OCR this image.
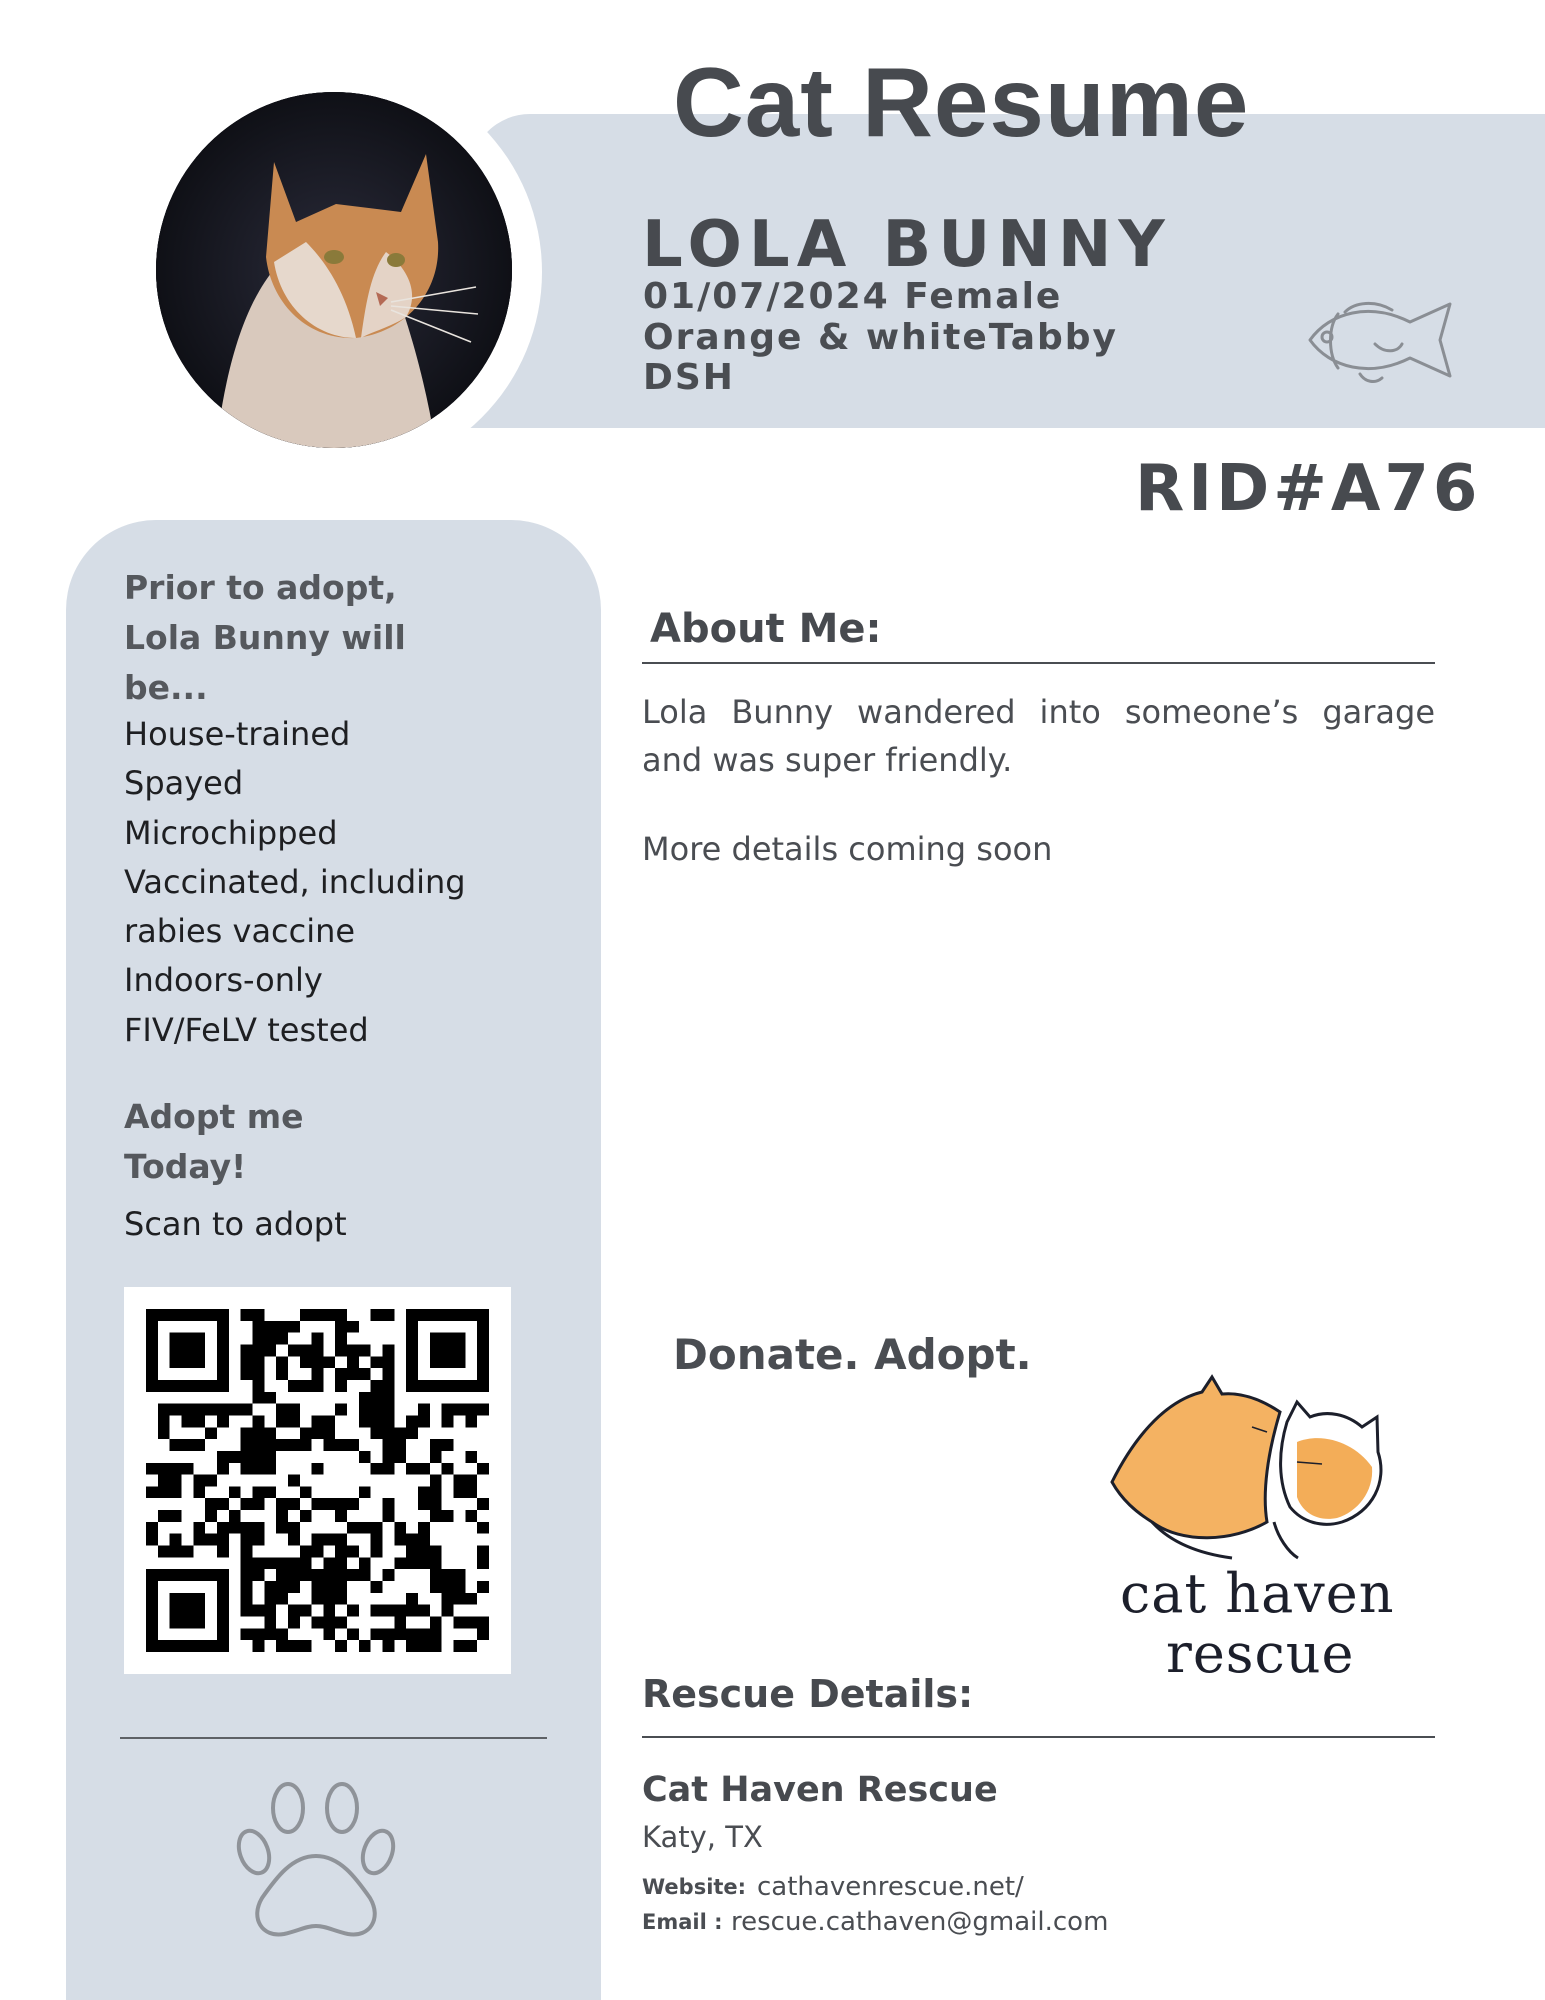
Cat Resume
LOLA BUNNY

01/07/2024 Female

Orange & whiteTabby

DSH

RID#A76
Prior to adopt, Lola Bunny will be...
House-trained
Spayed
Microchipped
Vaccinated, including
rabies vaccine
Indoors-only
FIV/FeLV tested
Adopt me Today!

Scan to adopt

About Me:

Lola Bunny wandered into someone’s garage and was super friendly.

More details coming soon

Donate. Adopt.

cat haven

rescue

Rescue Details:

Cat Haven Rescue

Katy, TX

Website: cathavenrescue.net/

Email : rescue.cathaven@gmail.com
